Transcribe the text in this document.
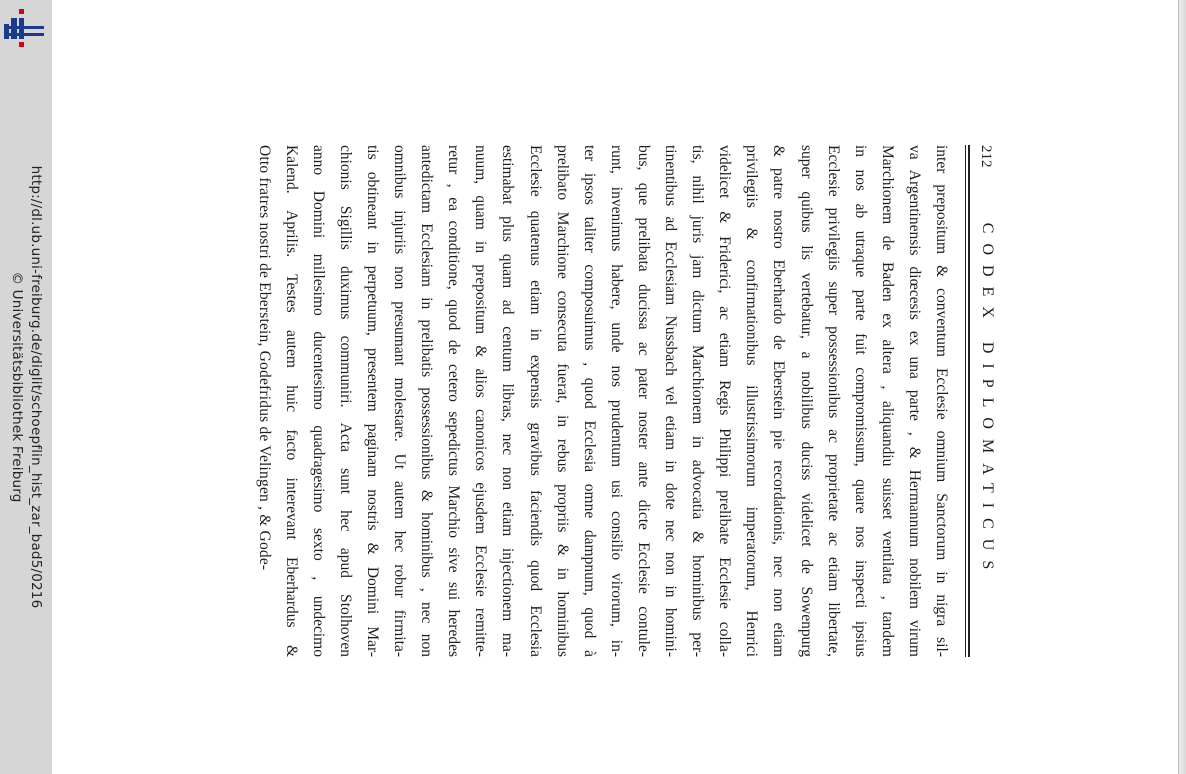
http://dl.ub.uni-freiburg.de/diglit/schoepflin_hist_zar_bad5/0216
© Universitätsbibliothek Freiburg
212
CODEX DIPLOMATICUS
inter prepositum & conventum Ecclesie omnium Sanctorum in nigra sil-
va Argentinensis diœcesis ex una parte , & Hermannum nobilem virum
Marchionem de Baden ex altera , aliquandiu suisset ventilata , tandem
in nos ab utraque parte fuit compromissum, quare nos inspecti ipsius
Ecclesie privilegiis super possessionibus ac proprietate ac etiam libertate,
super quibus lis vertebatur, a nobilibus duciss videlicet de Sowenpurg
& patre nostro Eberhardo de Eberstein pie recordationis, nec non etiam
privilegiis & confirmationibus illustrissimorum imperatorum, Henrici
videlicet & Friderici, ac etiam Regis Philippi prelibate Ecclesie colla-
tis, nihil juris jam dictum Marchionem in advocatia & hominibus per-
tinentibus ad Ecclesiam Nussbach vel etiam in dote nec non in homini-
bus, que prelibata ducissa ac pater noster ante dicte Ecclesie contule-
runt, invenimus habere, unde nos prudentum usi consilio virorum, in-
ter ipsos taliter composuimus , quod Ecclesia omne dampnum, quod à
prelibato Marchione consecuta fuerat, in rebus propriis & in hominibus
Ecclesie quatenus etiam in expensis gravibus faciendis quod Ecclesia
estimabat plus quam ad centum libras, nec non etiam injectionem ma-
nuum, quam in prepositum & alios canonicos ejusdem Ecclesie remitte-
retur , ea conditione, quod de cetero sepedictus Marchio sive sui heredes
antedictam Ecclesiam in prelibatis possessionibus & hominibus , nec non
omnibus injuriis non presumant molestare. Ut autem hec robur firmita-
tis obtineant in perpetuum, presentem paginam nostris & Domini Mar-
chionis Sigillis duximus communiri. Acta sunt hec apud Stolhoven
anno Domini millesimo ducentesimo quadragesimo sexto , undecimo
Kalend. Aprilis. Testes autem huic facto interevant Eberhardus &
Otto fratres nostri de Eberstein, Godefridus de Velingen , & Gode-
